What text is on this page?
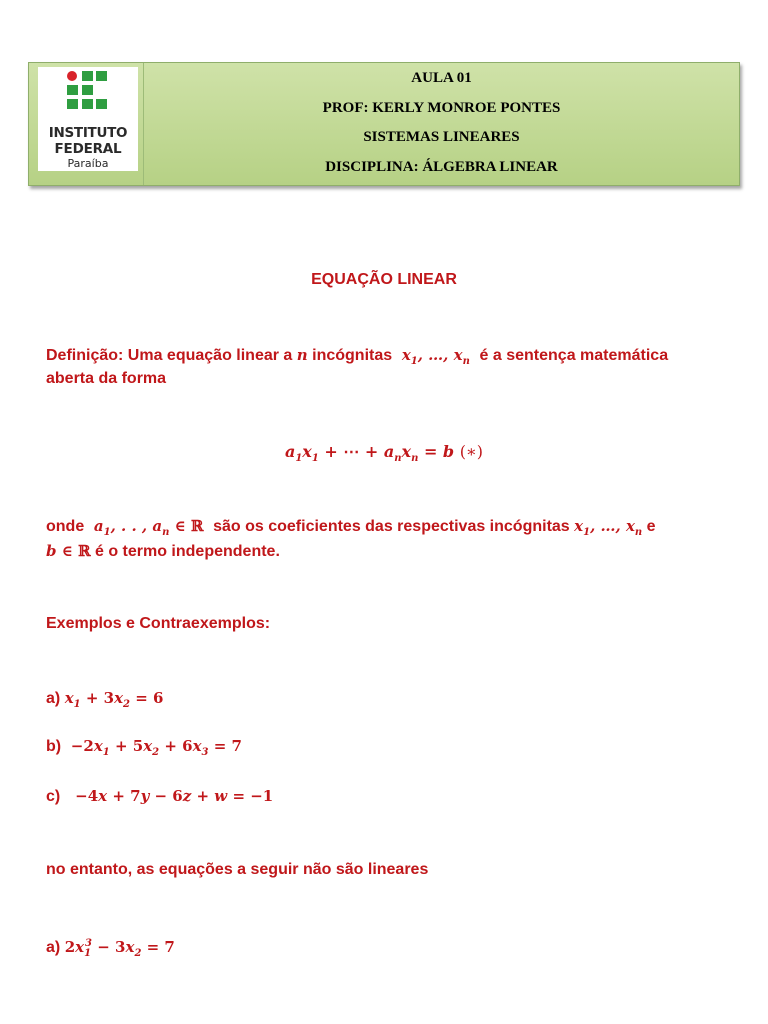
INSTITUTO
FEDERAL
Paraíba
AULA 01
PROF: KERLY MONROE PONTES
SISTEMAS LINEARES
DISCIPLINA: ÁLGEBRA LINEAR
EQUAÇÃO LINEAR
Definição: Uma equação linear a n incógnitas  $x_1$, …, $x_n$ é a sentença matemática
aberta da forma
$a_1x_1$ + ⋯ + $a_nx_n = b$ (∗)
onde  $a_1$, . . , $a_n$ ∈ ℝ são os coeficientes das respectivas incógnitas $x_1$, …, $x_n$ e
b ∈ ℝ é o termo independente.
Exemplos e Contraexemplos:
a) $x_1 + 3x_2 = 6$
$b) -2x_1 + 5x_2 + 6x_3 = 7$
c) −4x + 7y − 6z + w = −1
no entanto, as equações a seguir não são lineares
a) $2x_1^3 - 3x_2 = 7$
